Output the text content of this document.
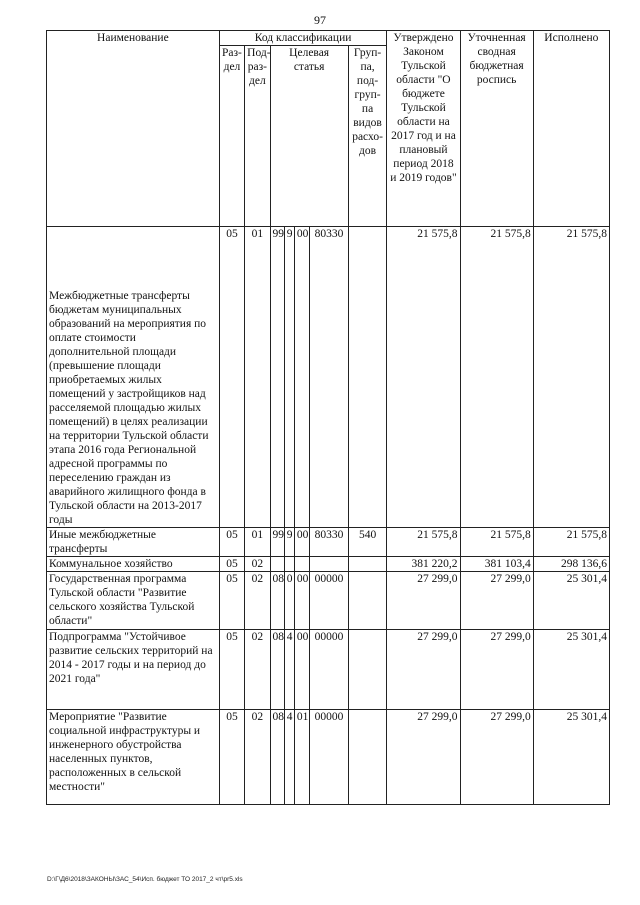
97
Наименование	Код классификации							Утверждено Законом Тульской области "О бюджете Тульской области на 2017 год и на плановый период 2018 и 2019 годов"	Уточненная сводная бюджетная роспись	Исполнено
	Раз-дел	Под-раз-дел	Целевая статья				Груп-па, под-груп-па видов расхо-дов			
Межбюджетные трансферты бюджетам муниципальных образований на мероприятия по оплате стоимости дополнительной площади (превышение площади приобретаемых жилых помещений у застройщиков над расселяемой площадью жилых помещений) в целях реализации на территории Тульской области этапа 2016 года Региональной адресной программы по переселению граждан из аварийного жилищного фонда в Тульской области на 2013-2017 годы	05	01	99	9	00	80330		21 575,8	21 575,8	21 575,8
Иные межбюджетные трансферты	05	01	99	9	00	80330	540	21 575,8	21 575,8	21 575,8
Коммунальное хозяйство	05	02						381 220,2	381 103,4	298 136,6
Государственная программа Тульской области "Развитие сельского хозяйства Тульской области"	05	02	08	0	00	00000		27 299,0	27 299,0	25 301,4
Подпрограмма "Устойчивое развитие сельских территорий на 2014 - 2017 годы и на период до 2021 года"	05	02	08	4	00	00000		27 299,0	27 299,0	25 301,4
Мероприятие "Развитие социальной инфраструктуры и инженерного обустройства населенных пунктов, расположенных в сельской местности"	05	02	08	4	01	00000		27 299,0	27 299,0	25 301,4
D:\Г\Д6\2018\ЗАКОНЫ\ЗАС_54\Исп. бюджет ТО 2017_2 чт\pr5.xls
